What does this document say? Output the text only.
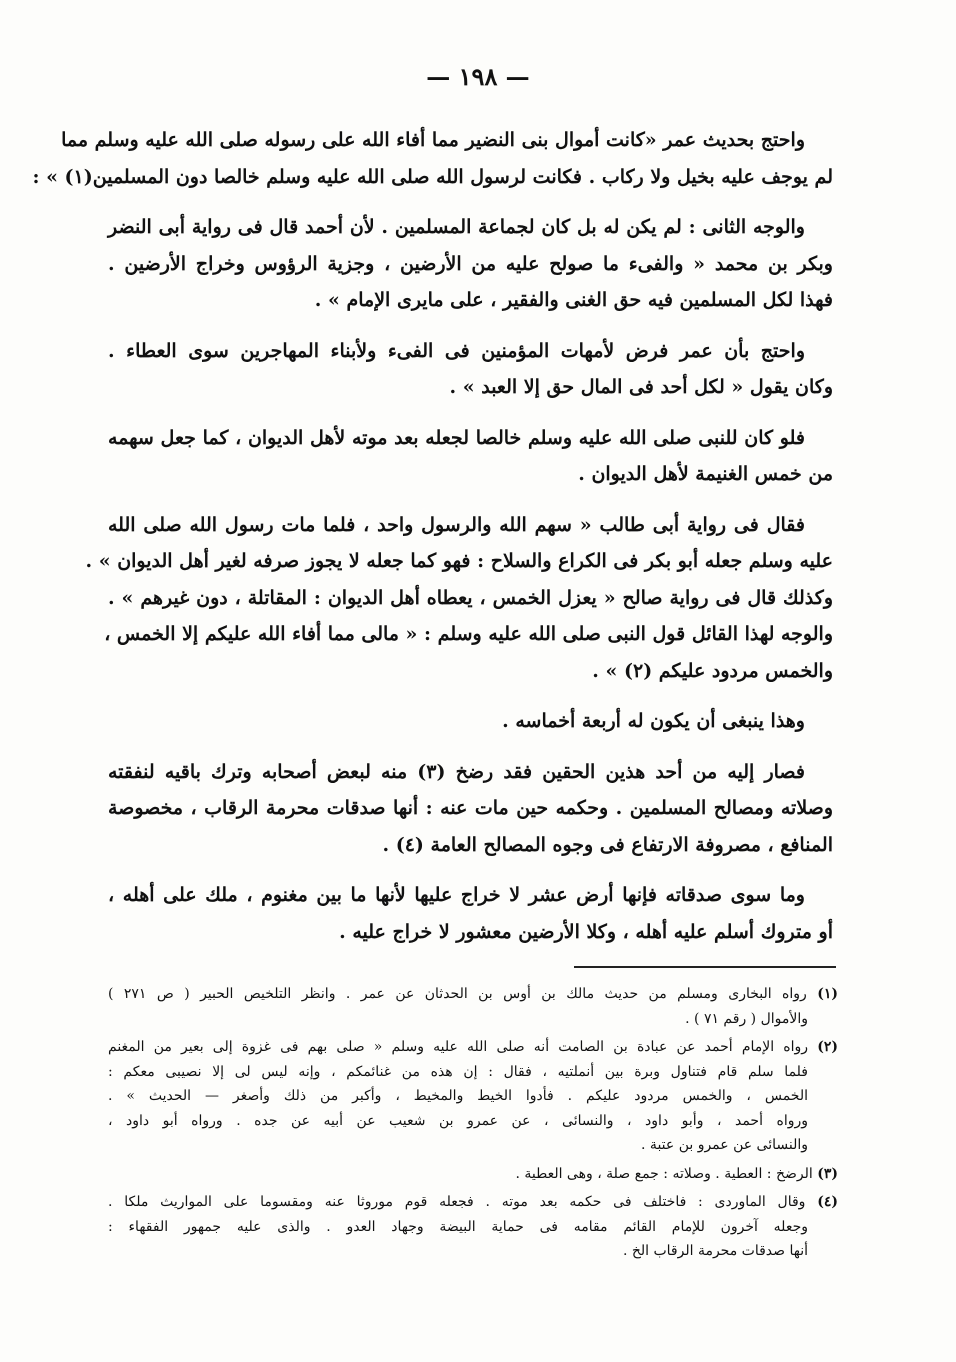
— ١٩٨ —
واحتج بحديث عمر «كانت أموال بنى النضير مما أفاء الله على رسوله صلى الله عليه وسلم مما
لم يوجف عليه بخيل ولا ركاب . فكانت لرسول الله صلى الله عليه وسلم خالصا دون المسلمين(١) » :
والوجه الثانى : لم يكن له بل كان لجماعة المسلمين . لأن أحمد قال فى رواية أبى النضر
وبكر بن محمد « والفىء ما صولح عليه من الأرضين ، وجزية الرؤوس وخراج الأرضين .
فهذا لكل المسلمين فيه حق الغنى والفقير ، على مايرى الإمام » .
واحتج بأن عمر فرض لأمهات المؤمنين فى الفىء ولأبناء المهاجرين سوى العطاء .
وكان يقول « لكل أحد فى المال حق إلا العبد » .
فلو كان للنبى صلى الله عليه وسلم خالصا لجعله بعد موته لأهل الديوان ، كما جعل سهمه
من خمس الغنيمة لأهل الديوان .
فقال فى رواية أبى طالب « سهم الله والرسول واحد ، فلما مات رسول الله صلى الله
عليه وسلم جعله أبو بكر فى الكراع والسلاح : فهو كما جعله لا يجوز صرفه لغير أهل الديوان » .
وكذلك قال فى رواية صالح « يعزل الخمس ، يعطاه أهل الديوان : المقاتلة ، دون غيرهم » .
والوجه لهذا القائل قول النبى صلى الله عليه وسلم : « مالى مما أفاء الله عليكم إلا الخمس ،
والخمس مردود عليكم (٢) » .
وهذا ينبغى أن يكون له أربعة أخماسه .
فصار إليه من أحد هذين الحقين فقد رضخ (٣) منه لبعض أصحابه وترك باقيه لنفقته
وصلاته ومصالح المسلمين . وحكمه حين مات عنه : أنها صدقات محرمة الرقاب ، مخصوصة
المنافع ، مصروفة الارتفاع فى وجوه المصالح العامة (٤) .
وما سوى صدقاته فإنها أرض عشر لا خراج عليها لأنها ما بين مغنوم ، ملك على أهله ،
أو متروك أسلم عليه أهله ، وكلا الأرضين معشور لا خراج عليه .
(١) رواه البخارى ومسلم من حديث مالك بن أوس بن الحدثان عن عمر . وانظر التلخيص الحبير ( ص ٢٧١ )
والأموال ( رقم ٧١ ) .
(٢) رواه الإمام أحمد عن عبادة بن الصامت أنه صلى الله عليه وسلم « صلى بهم فى غزوة إلى بعير من المغنم
فلما سلم قام فتناول وبرة بين أنملتيه ، فقال : إن هذه من غنائمكم ، وإنه ليس لى إلا نصيبى معكم :
الخمس ، والخمس مردود عليكم . فأدوا الخيط والمخيط ، وأكبر من ذلك وأصغر — الحديث » .
ورواه أحمد ، وأبو داود ، والنسائى ، عن عمرو بن شعيب عن أبيه عن جده . ورواه أبو داود ،
والنسائى عن عمرو بن عتبة .
(٣) الرضخ : العطية . وصلاته : جمع صلة ، وهى العطية .
(٤) وقال الماوردى : فاختلف فى حكمه بعد موته . فجعله قوم موروثا عنه ومقسوما على المواريث ملكا .
وجعله آخرون للإمام القائم مقامه فى حماية البيضة وجهاد العدو . والذى عليه جمهور الفقهاء :
أنها صدقات محرمة الرقاب الخ .
